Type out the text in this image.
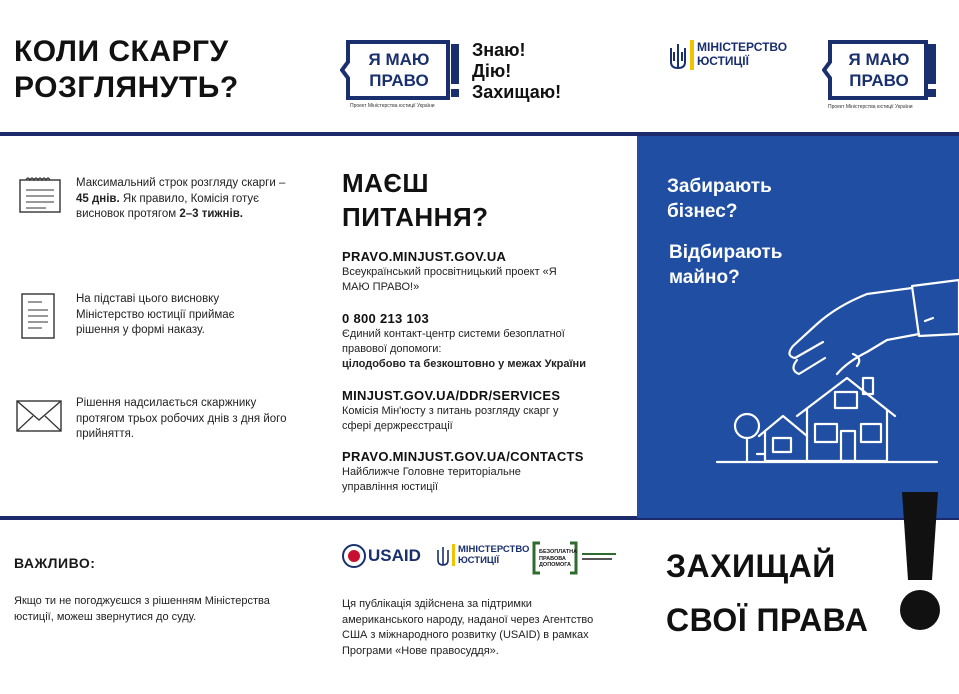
КОЛИ СКАРГУ
РОЗГЛЯНУТЬ?
Я МАЮ
ПРАВО
Проект Міністерства юстиції України
Знаю!
Дію!
Захищаю!
МІНІСТЕРСТВО
ЮСТИЦІЇ	Я МАЮ
ПРАВО
Проект Міністерства юстиції України
Максимальний строк розгляду скарги – 45 днів. Як правило, Комісія готує висновок протягом 2–3 тижнів.
На підставі цього висновку Міністерство юстиції приймає рішення у формі наказу.
Рішення надсилається скаржнику протягом трьох робочих днів з дня його прийняття.
МАЄШ
ПИТАННЯ?
PRAVO.MINJUST.GOV.UA
Всеукраїнський просвітницький проект «Я МАЮ ПРАВО!»
0 800 213 103
Єдиний контакт-центр системи безоплатної правової допомоги:
цілодобово та безкоштовно у межах України
MINJUST.GOV.UA/DDR/SERVICES
Комісія Мін'юсту з питань розгляду скарг у сфері держреєстрації
PRAVO.MINJUST.GOV.UA/CONTACTS
Найближче Головне територіальне управління юстиції
Забирають
бізнес?
Відбирають
майно?
ВАЖЛИВО:
Якщо ти не погоджуєшся з рішенням Міністерства юстиції, можеш звернутися до суду.
USAID	МІНІСТЕРСТВО
ЮСТИЦІЇ
БЕЗОПЛАТНА
ПРАВОВА
ДОПОМОГА
Ця публікація здійснена за підтримки американського народу, наданої через Агентство США з міжнародного розвитку (USAID) в рамках Програми «Нове правосуддя».
ЗАХИЩАЙ
СВОЇ ПРАВА
